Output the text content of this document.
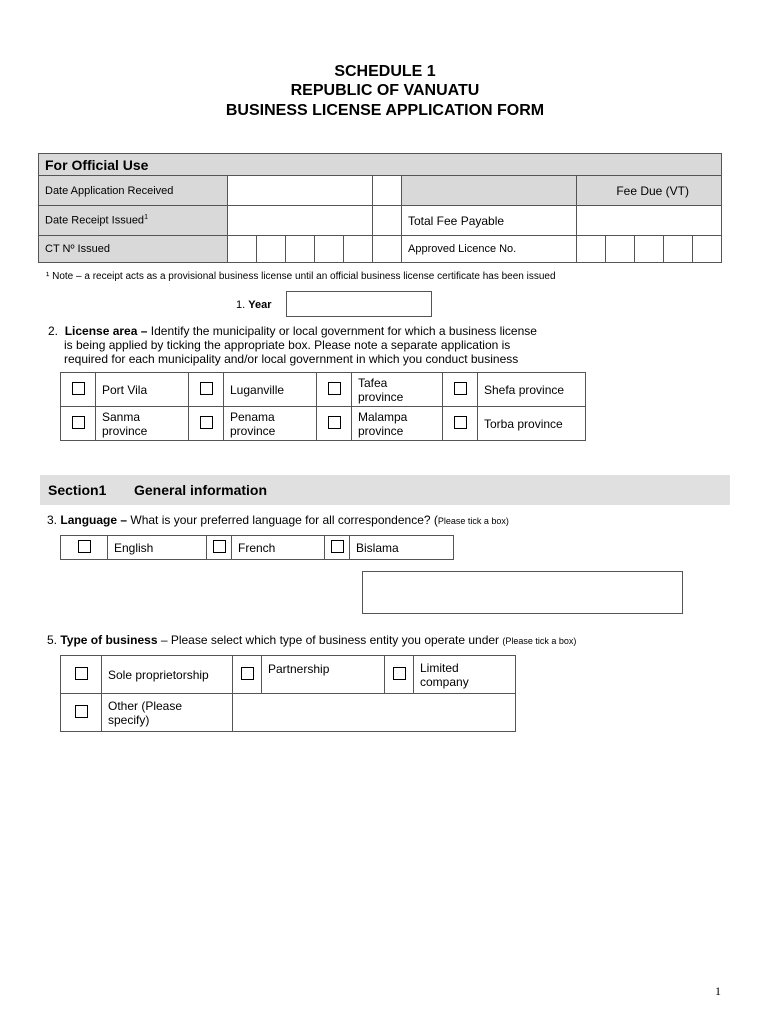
SCHEDULE 1
REPUBLIC OF VANUATU
BUSINESS LICENSE APPLICATION FORM
For Official Use												
Date Application Received								Fee Due (VT)				
Date Receipt Issued$^1$							Total Fee Payable					
CT Nº Issued							Approved Licence No.					
¹ Note – a receipt acts as a provisional business license until an official business license certificate has been issued
1. Year
2. License area – Identify the municipality or local government for which a business license
is being applied by ticking the appropriate box. Please note a separate application is
required for each municipality and/or local government in which you conduct business
	Port Vila		Luganville		Tafea province		Shefa province
	Sanma province		Penama province		Malampa province		Torba province
Section1 General information
3. Language – What is your preferred language for all correspondence? (Please tick a box)
	English		French		Bislama
5. Type of business – Please select which type of business entity you operate under (Please tick a box)
	Sole proprietorship		Partnership		Limited company
	Other (Please specify)				
1
